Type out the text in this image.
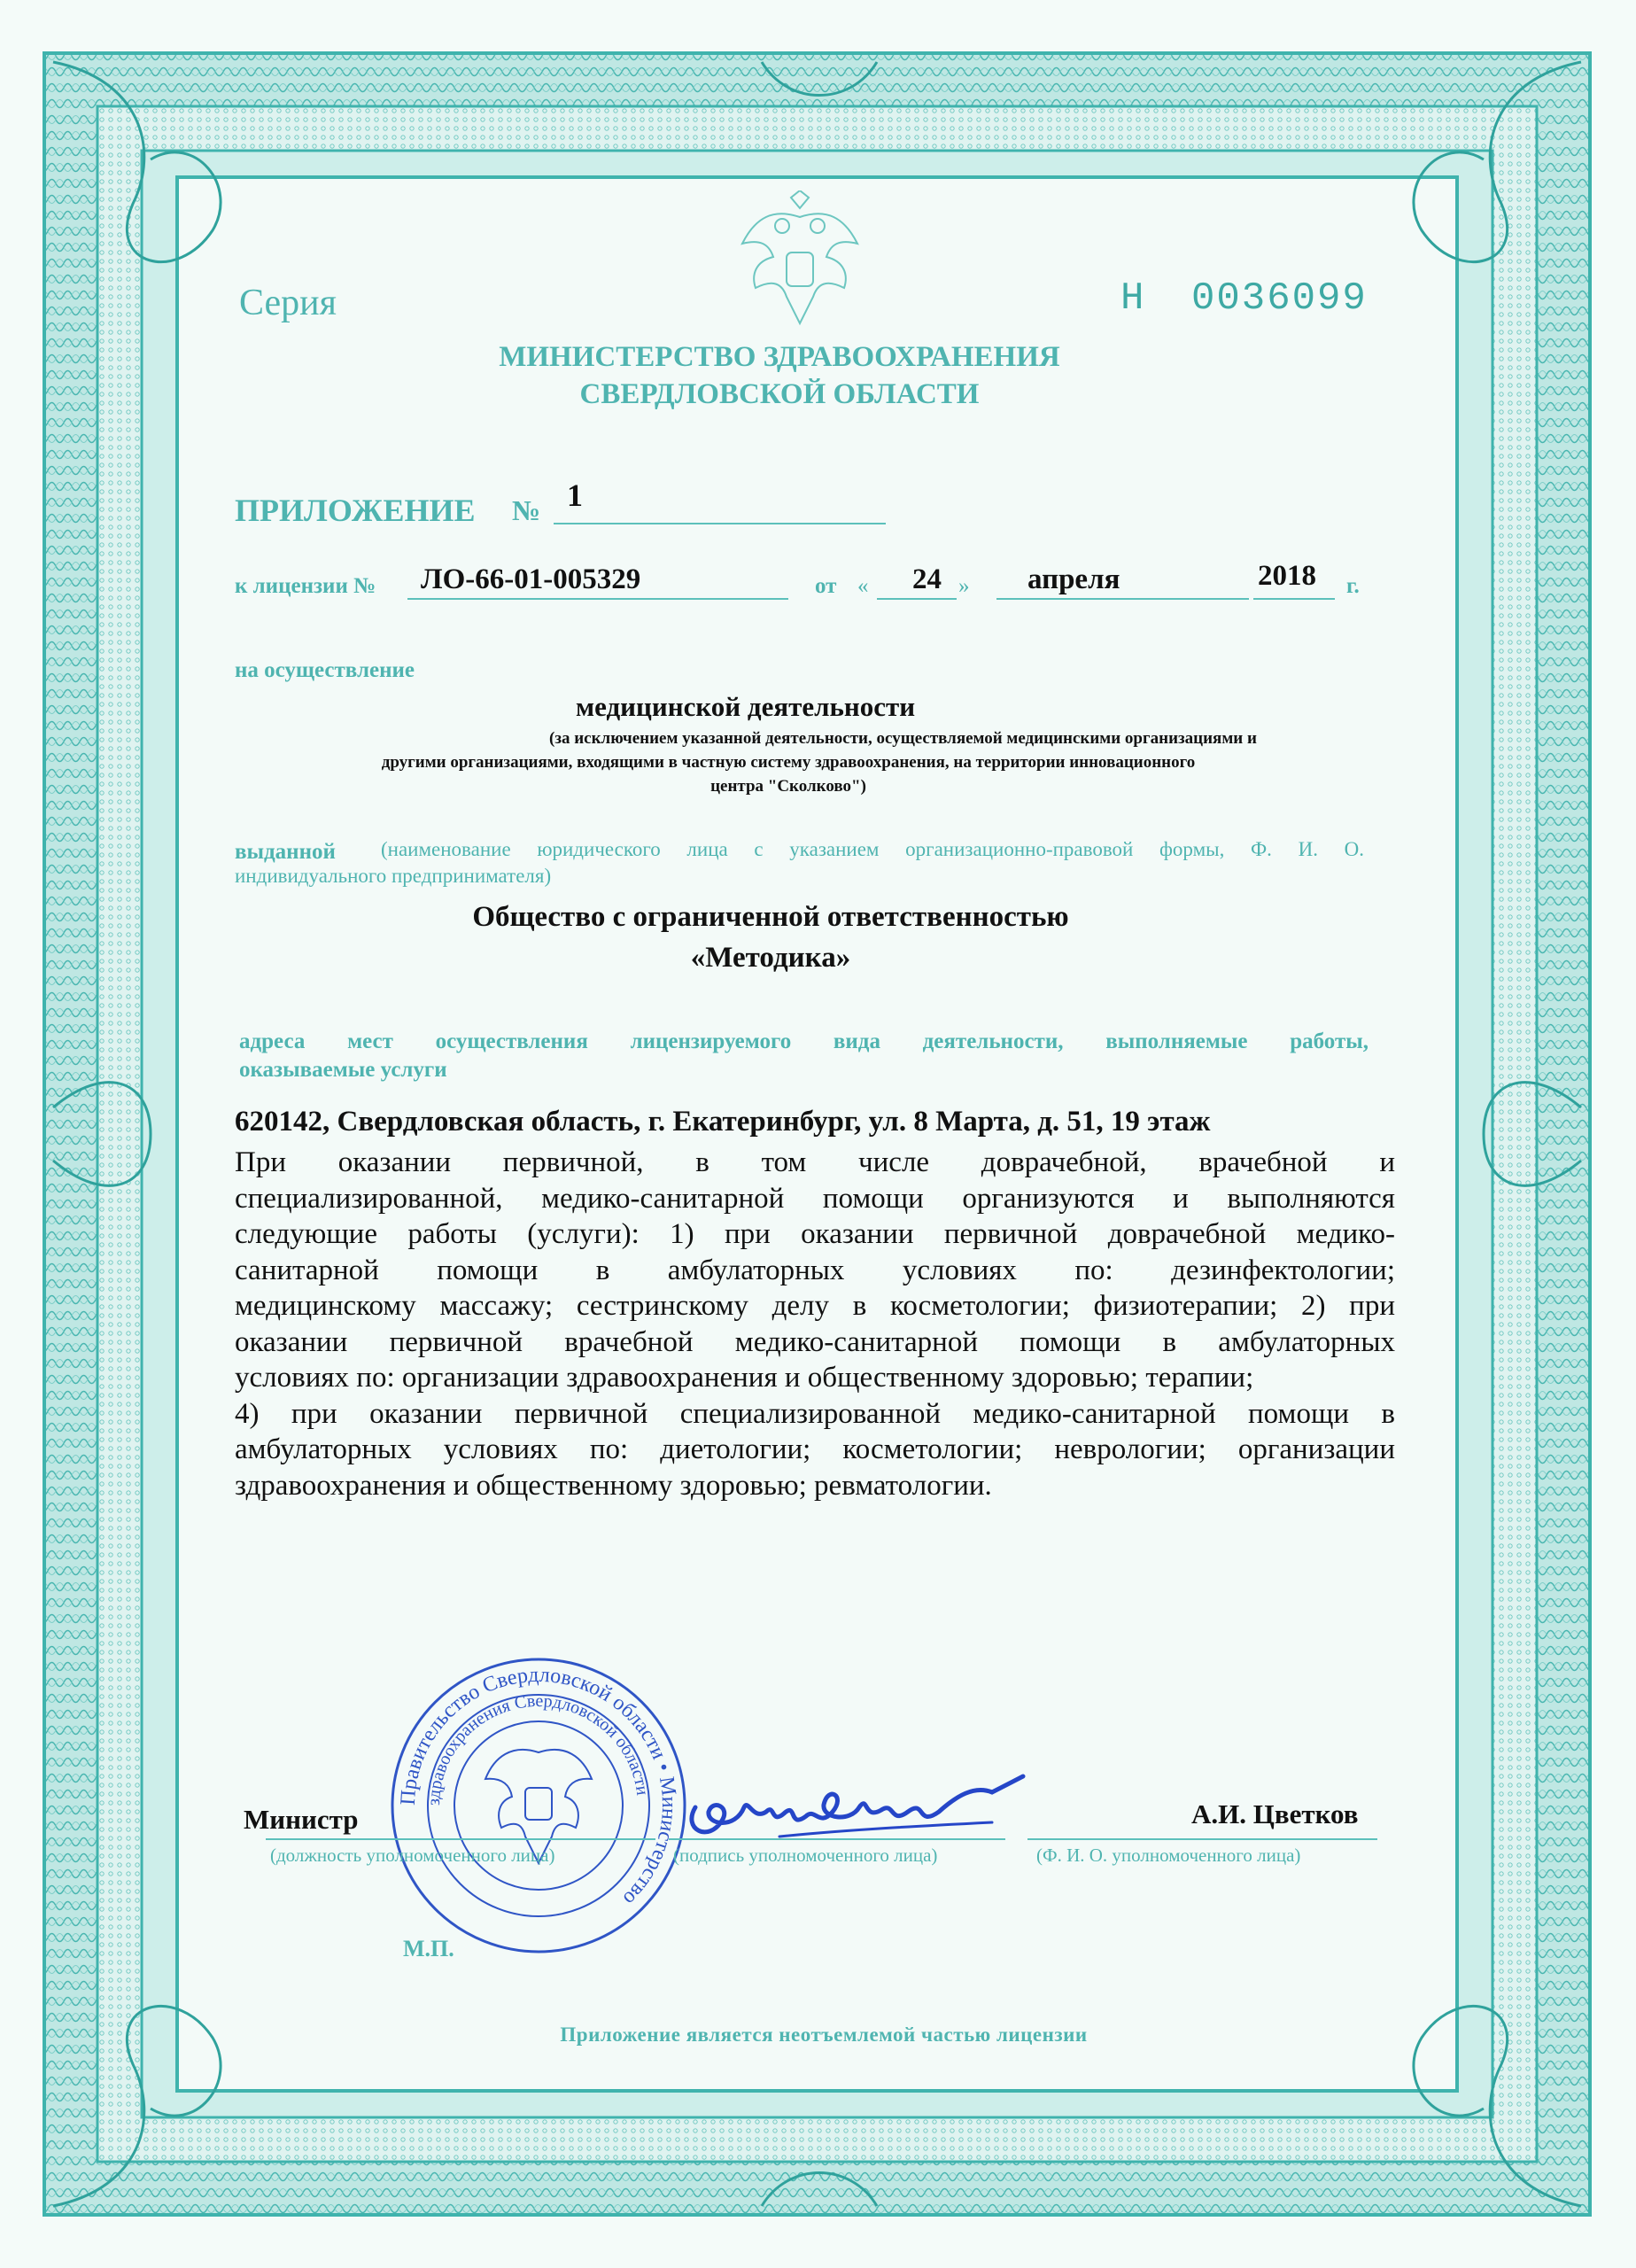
Серия	Н 0036099
МИНИСТЕРСТВО ЗДРАВООХРАНЕНИЯ
СВЕРДЛОВСКОЙ ОБЛАСТИ
ПРИЛОЖЕНИЕ № 1
к лицензии № ЛО-66-01-005329	от « 24 » апреля	2018 г.
на осуществление
медицинской деятельности
(за исключением указанной деятельности, осуществляемой медицинскими организациями и
другими организациями, входящими в частную систему здравоохранения, на территории инновационного
центра "Сколково")
выданной (наименование юридического лица с указанием организационно-правовой формы, Ф. И. О.
индивидуального предпринимателя)
Общество с ограниченной ответственностью
«Методика»
адреса мест осуществления лицензируемого вида деятельности, выполняемые работы,
оказываемые услуги
620142, Свердловская область, г. Екатеринбург, ул. 8 Марта, д. 51, 19 этаж
При оказании первичной, в том числе доврачебной, врачебной и
специализированной, медико-санитарной помощи организуются и выполняются
следующие работы (услуги): 1) при оказании первичной доврачебной медико-
санитарной помощи в амбулаторных условиях по: дезинфектологии;
медицинскому массажу; сестринскому делу в косметологии; физиотерапии; 2) при
оказании первичной врачебной медико-санитарной помощи в амбулаторных
условиях по: организации здравоохранения и общественному здоровью; терапии;
4) при оказании первичной специализированной медико-санитарной помощи в
амбулаторных условиях по: диетологии; косметологии; неврологии; организации
здравоохранения и общественному здоровью; ревматологии.
Правительство Свердловской области • Министерство
здравоохранения Свердловской области
Министр
(должность уполномоченного лица)	(подпись уполномоченного лица)
А.И. Цветков
(Ф. И. О. уполномоченного лица)
М.П.
Приложение является неотъемлемой частью лицензии
